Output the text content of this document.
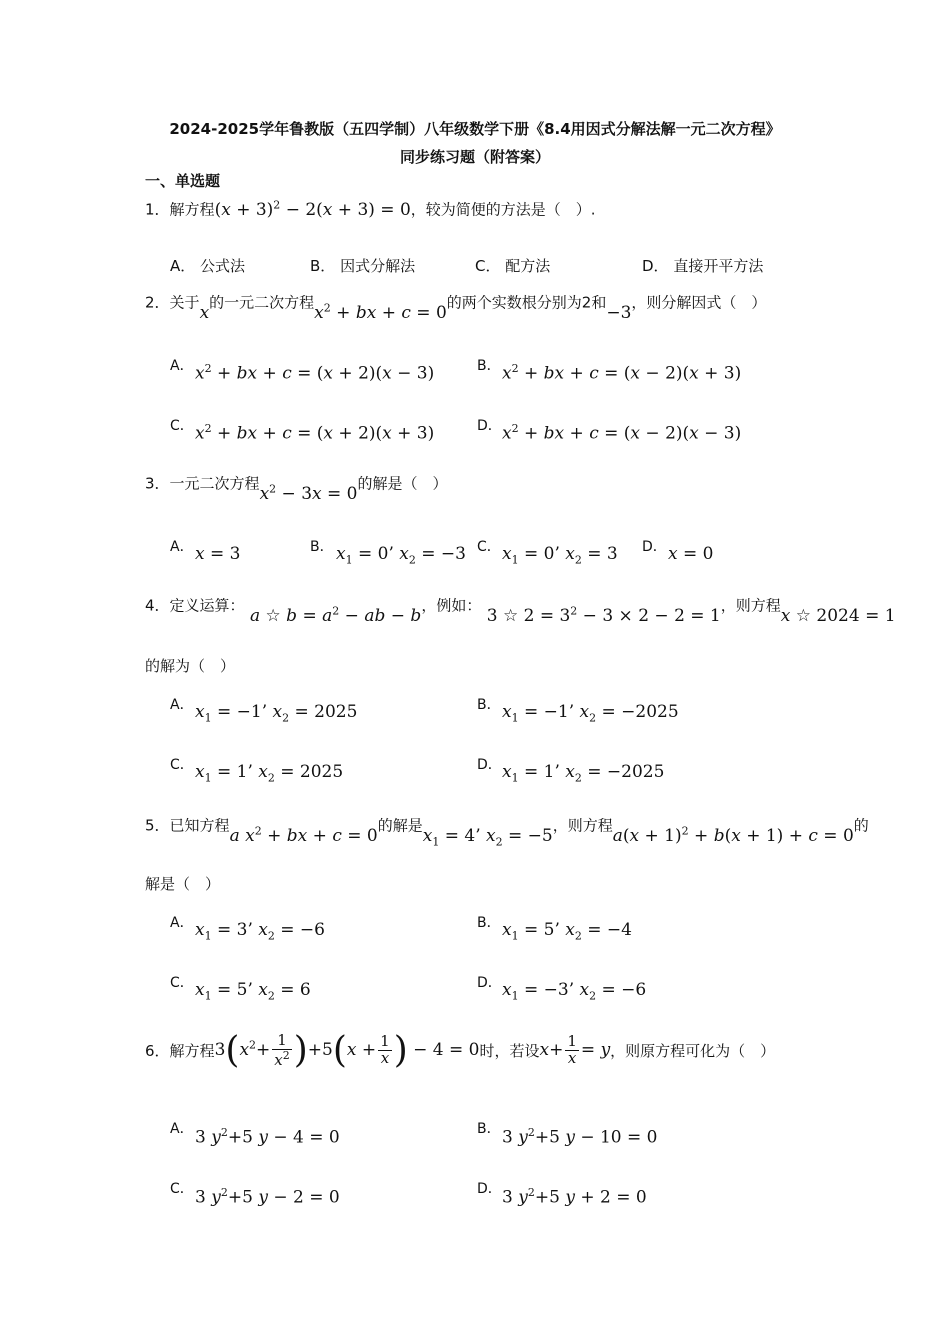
2024-2025学年鲁教版（五四学制）八年级数学下册《8.4用因式分解法解一元二次方程》
同步练习题（附答案）
一、单选题
1．解方程$(x + 3)^2 - 2(x + 3) = 0$，较为简便的方法是（　）.
A． 公式法	B． 因式分解法	C． 配方法	D． 直接开平方法
2．关于x的一元二次方程$x^2$ + bx + c = 0的两个实数根分别为2和−3，则分解因式（　）
A． $x^2$ + bx + c = (x + 2)(x − 3)	B． $x^2$ + bx + c = (x − 2)(x + 3)
C． $x^2$ + bx + c = (x + 2)(x + 3)	D． $x^2$ + bx + c = (x − 2)(x − 3)
3．一元二次方程$x^2 - 3x = 0$的解是（　）
A． x = 3	B． $x_1 = 0$’ $x_2 = -3$ C． $x_1 = 0$’ $x_2 = 3$ D． x = 0
4．定义运算： a ☆ $b = a^2$ − ab − b，例如： 3 ☆ $2 = 3^2 - 3 \times 2 - 2 = 1$，则方程x ☆ 2024 = 1
的解为（　）
A． $x_1 = -1$’ $x_2 = 2025$	B． $x_1 = -1$’ $x_2 = -2025$
C． $x_1 = 1$’ $x_2 = 2025$	D． $x_1 = 1$’ $x_2 = -2025$
5．已知方程a $x^2$ + bx + c = 0的解是$x_1 = 4$’ $x_2 = -5$，则方程$a(x + 1)^2 + b(x + 1) + c = 0$的
解是（　）
A． $x_1 = 3$’ $x_2 = -6$	B． $x_1 = 5$’ $x_2 = -4$
C． $x_1 = 5$’ $x_2 = 6$	D． $x_1 = -3$’ $x_2 = -6$
6．解方程$3(x^2+ \frac{1}{x^2} )+5(x + \frac{1}{x}$ ) − 4 = 0时，若设$x+ \frac{1}{x} = y$，则原方程可化为（　）
A． 3 $y^2+5$ y − 4 = 0	B． 3 $y^2+5$ y − 10 = 0
C． 3 $y^2+5$ y − 2 = 0	D． 3 $y^2+5$ y + 2 = 0
